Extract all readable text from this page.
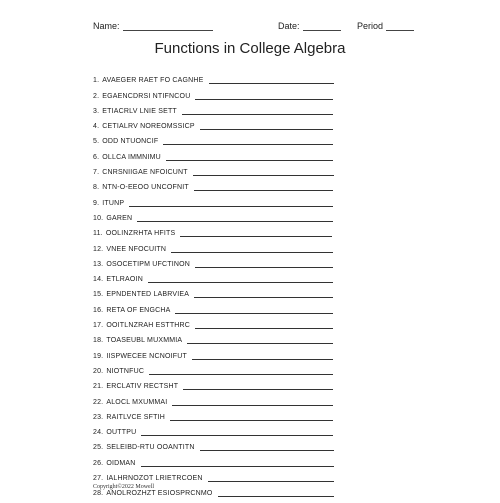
Name:	Date:	Period
Functions in College Algebra
1. AVAEGER RAET FO CAGNHE
2. EGAENCDRSI NTIFNCOU
3. ETIACRLV LNIE SETT
4. CETIALRV NOREOMSSICP
5. ODD NTUONCIF
6. OLLCA IMMNIMU
7. CNRSNIIGAE NFOICUNT
8. NTN-O-EEOO UNCOFNIT
9. ITUNP
10. GAREN
11. OOLINZRHTA HFITS
12. VNEE NFOCUITN
13. OSOCETIPM UFCTINON
14. ETLRAOIN
15. EPNDENTED LABRVIEA
16. RETA OF ENGCHA
17. OOITLNZRAH ESTTHRC
18. TOASEUBL MUXMMIA
19. IISPWECEE NCNOIFUT
20. NIOTNFUC
21. ERCLATIV RECTSHT
22. ALOCL MXUMMAI
23. RAITLVCE SFTIH
24. OUTTPU
25. SELEIBD-RTU OOANTITN
26. OIDMAN
27. IALHRNOZOT LRIETRCOEN
28. ANOLROZHZT ESIOSPRCNMO
Copyright©2022 Mowell
